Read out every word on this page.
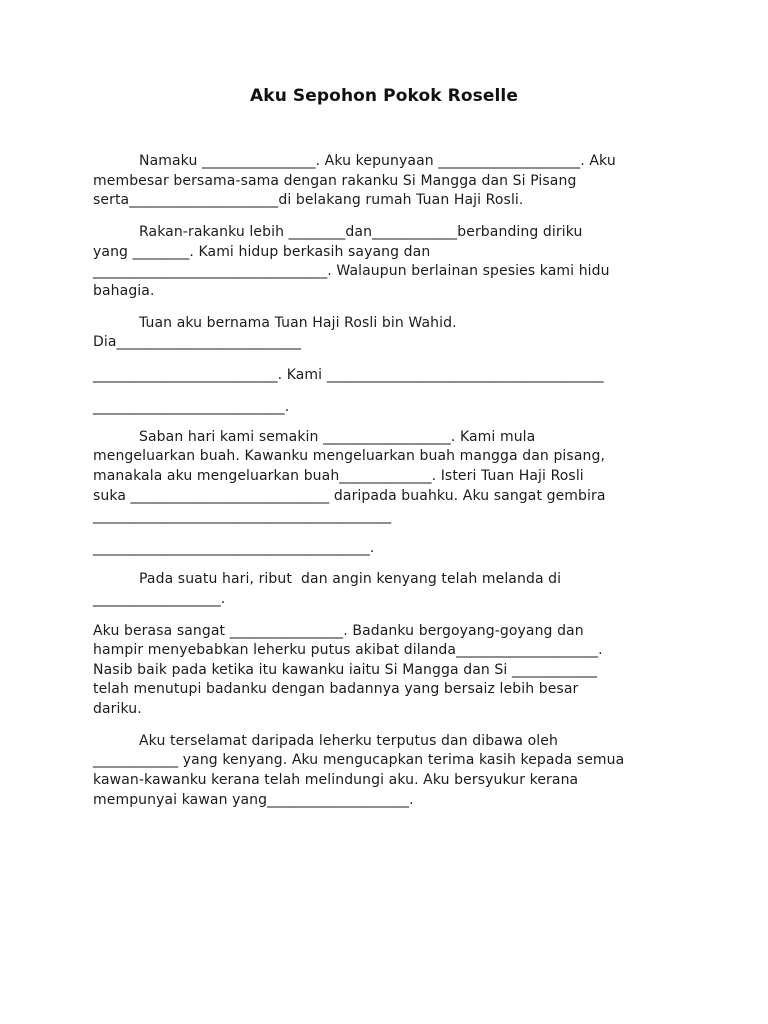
Aku Sepohon Pokok Roselle
Namaku ________________. Aku kepunyaan ____________________. Aku
membesar bersama-sama dengan rakanku Si Mangga dan Si Pisang
serta_____________________di belakang rumah Tuan Haji Rosli.
Rakan-rakanku lebih ________dan____________berbanding diriku
yang ________. Kami hidup berkasih sayang dan
_________________________________. Walaupun berlainan spesies kami hidu
bahagia.
Tuan aku bernama Tuan Haji Rosli bin Wahid.
Dia__________________________
__________________________. Kami _______________________________________
___________________________.
Saban hari kami semakin __________________. Kami mula
mengeluarkan buah. Kawanku mengeluarkan buah mangga dan pisang,
manakala aku mengeluarkan buah_____________. Isteri Tuan Haji Rosli
suka ____________________________ daripada buahku. Aku sangat gembira
__________________________________________
_______________________________________.
Pada suatu hari, ribut  dan angin kenyang telah melanda di
__________________.
Aku berasa sangat ________________. Badanku bergoyang-goyang dan
hampir menyebabkan leherku putus akibat dilanda____________________.
Nasib baik pada ketika itu kawanku iaitu Si Mangga dan Si ____________
telah menutupi badanku dengan badannya yang bersaiz lebih besar
dariku.
Aku terselamat daripada leherku terputus dan dibawa oleh
____________ yang kenyang. Aku mengucapkan terima kasih kepada semua
kawan-kawanku kerana telah melindungi aku. Aku bersyukur kerana
mempunyai kawan yang____________________.
